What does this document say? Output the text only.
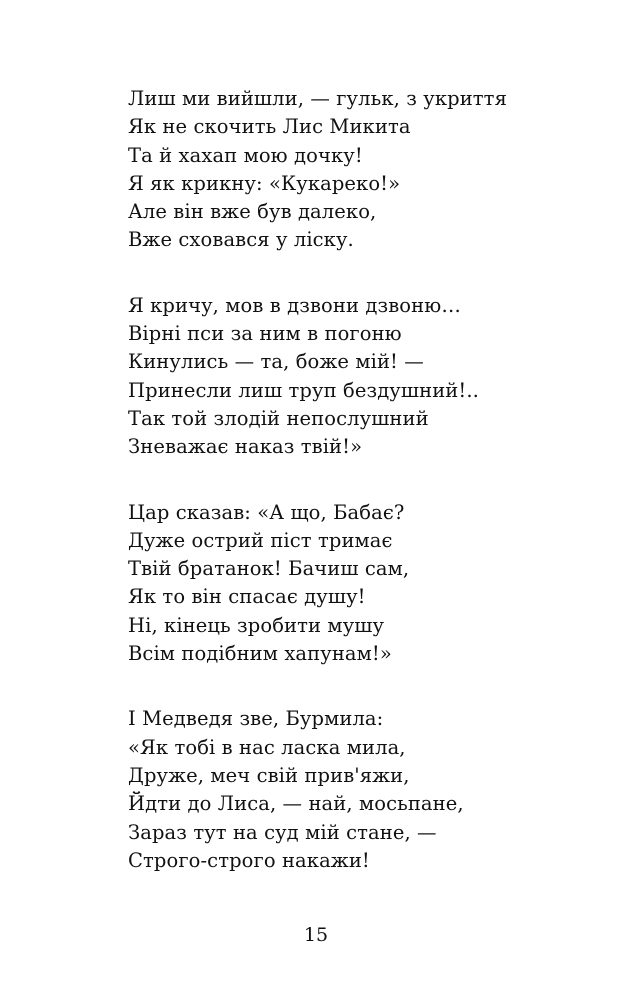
Лиш ми вийшли, — гульк, з укриття
Як не скочить Лис Микита
Та й хахап мою дочку!
Я як крикну: «Кукареко!»
Але він вже був далеко,
Вже сховався у ліску.
Я кричу, мов в дзвони дзвоню…
Вірні пси за ним в погоню
Кинулись — та, боже мій! —
Принесли лиш труп бездушний!..
Так той злодій непослушний
Зневажає наказ твій!»
Цар сказав: «А що, Бабає?
Дуже острий піст тримає
Твій братанок! Бачиш сам,
Як то він спасає душу!
Ні, кінець зробити мушу
Всім подібним хапунам!»
І Медведя зве, Бурмила:
«Як тобі в нас ласка мила,
Друже, меч свій прив'яжи,
Йдти до Лиса, — най, мосьпане,
Зараз тут на суд мій стане, —
Строго-строго накажи!
15
